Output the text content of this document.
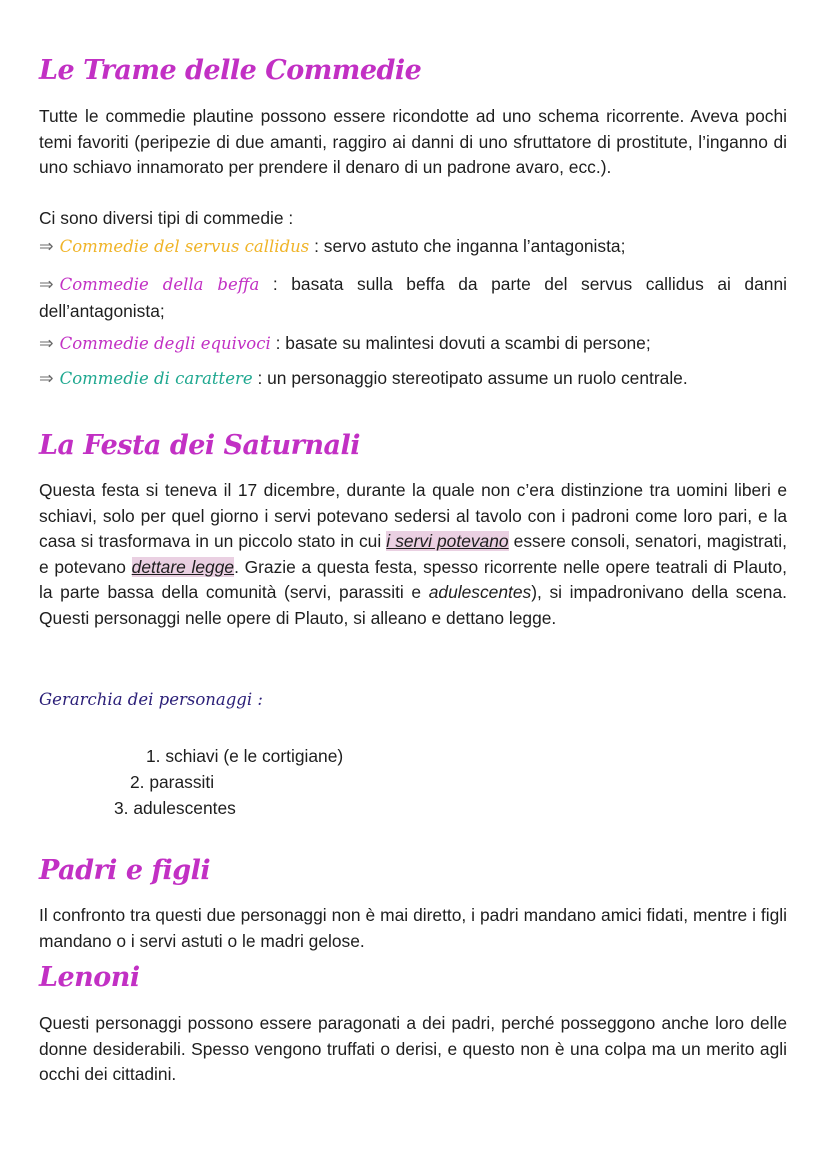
Le Trame delle Commedie

Tutte le commedie plautine possono essere ricondotte ad uno schema ricorrente. Aveva pochi temi favoriti (peripezie di due amanti, raggiro ai danni di uno sfruttatore di prostitute, l’inganno di uno schiavo innamorato per prendere il denaro di un padrone avaro, ecc.).

Ci sono diversi tipi di commedie :
⇒ Commedie del servus callidus : servo astuto che inganna l’antagonista;
⇒ Commedie della beffa : basata sulla beffa da parte del servus callidus ai danni
dell’antagonista;
⇒ Commedie degli equivoci : basate su malintesi dovuti a scambi di persone;
⇒ Commedie di carattere : un personaggio stereotipato assume un ruolo centrale.
La Festa dei Saturnali

Questa festa si teneva il 17 dicembre, durante la quale non c’era distinzione tra uomini liberi e schiavi, solo per quel giorno i servi potevano sedersi al tavolo con i padroni come loro pari, e la casa si trasformava in un piccolo stato in cui i servi potevano essere consoli, senatori, magistrati, e potevano dettare legge. Grazie a questa festa, spesso ricorrente nelle opere teatrali di Plauto, la parte bassa della comunità (servi, parassiti e adulescentes), si impadronivano della scena. Questi personaggi nelle opere di Plauto, si alleano e dettano legge.

Gerarchia dei personaggi :
1. schiavi (e le cortigiane)
2. parassiti
3. adulescentes
Padri e figli

Il confronto tra questi due personaggi non è mai diretto, i padri mandano amici fidati, mentre i figli mandano o i servi astuti o le madri gelose.

Lenoni

Questi personaggi possono essere paragonati a dei padri, perché posseggono anche loro delle donne desiderabili. Spesso vengono truffati o derisi, e questo non è una colpa ma un merito agli occhi dei cittadini.
